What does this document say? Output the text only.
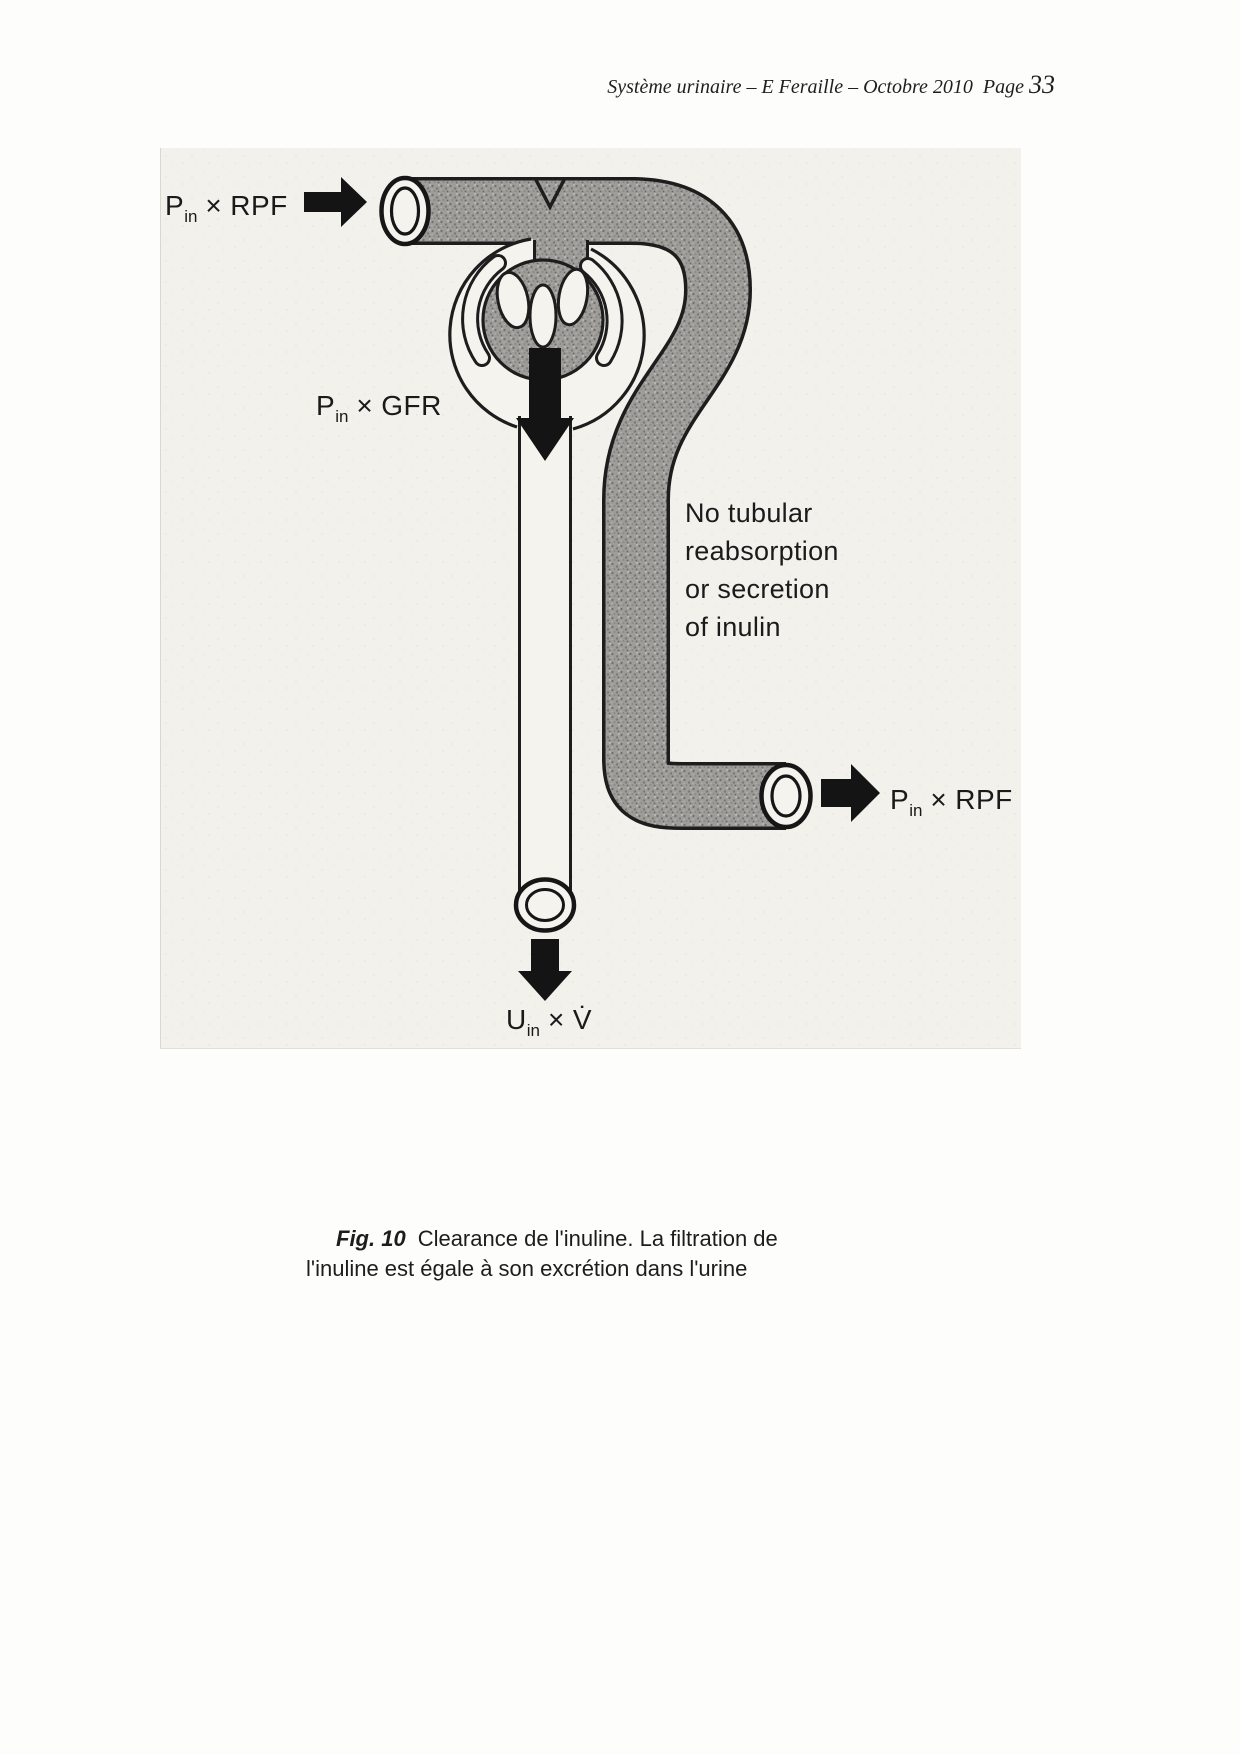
Système urinaire – E Feraille – Octobre 2010  Page 33
$P_{in}$ × RPF
$P_{in}$ × GFR
No tubular
reabsorption
or secretion
of inulin
$P_{in}$ × RPF
$U_{in}$ × V̇
Fig. 10 Clearance de l'inuline. La filtration de
l'inuline est égale à son excrétion dans l'urine
